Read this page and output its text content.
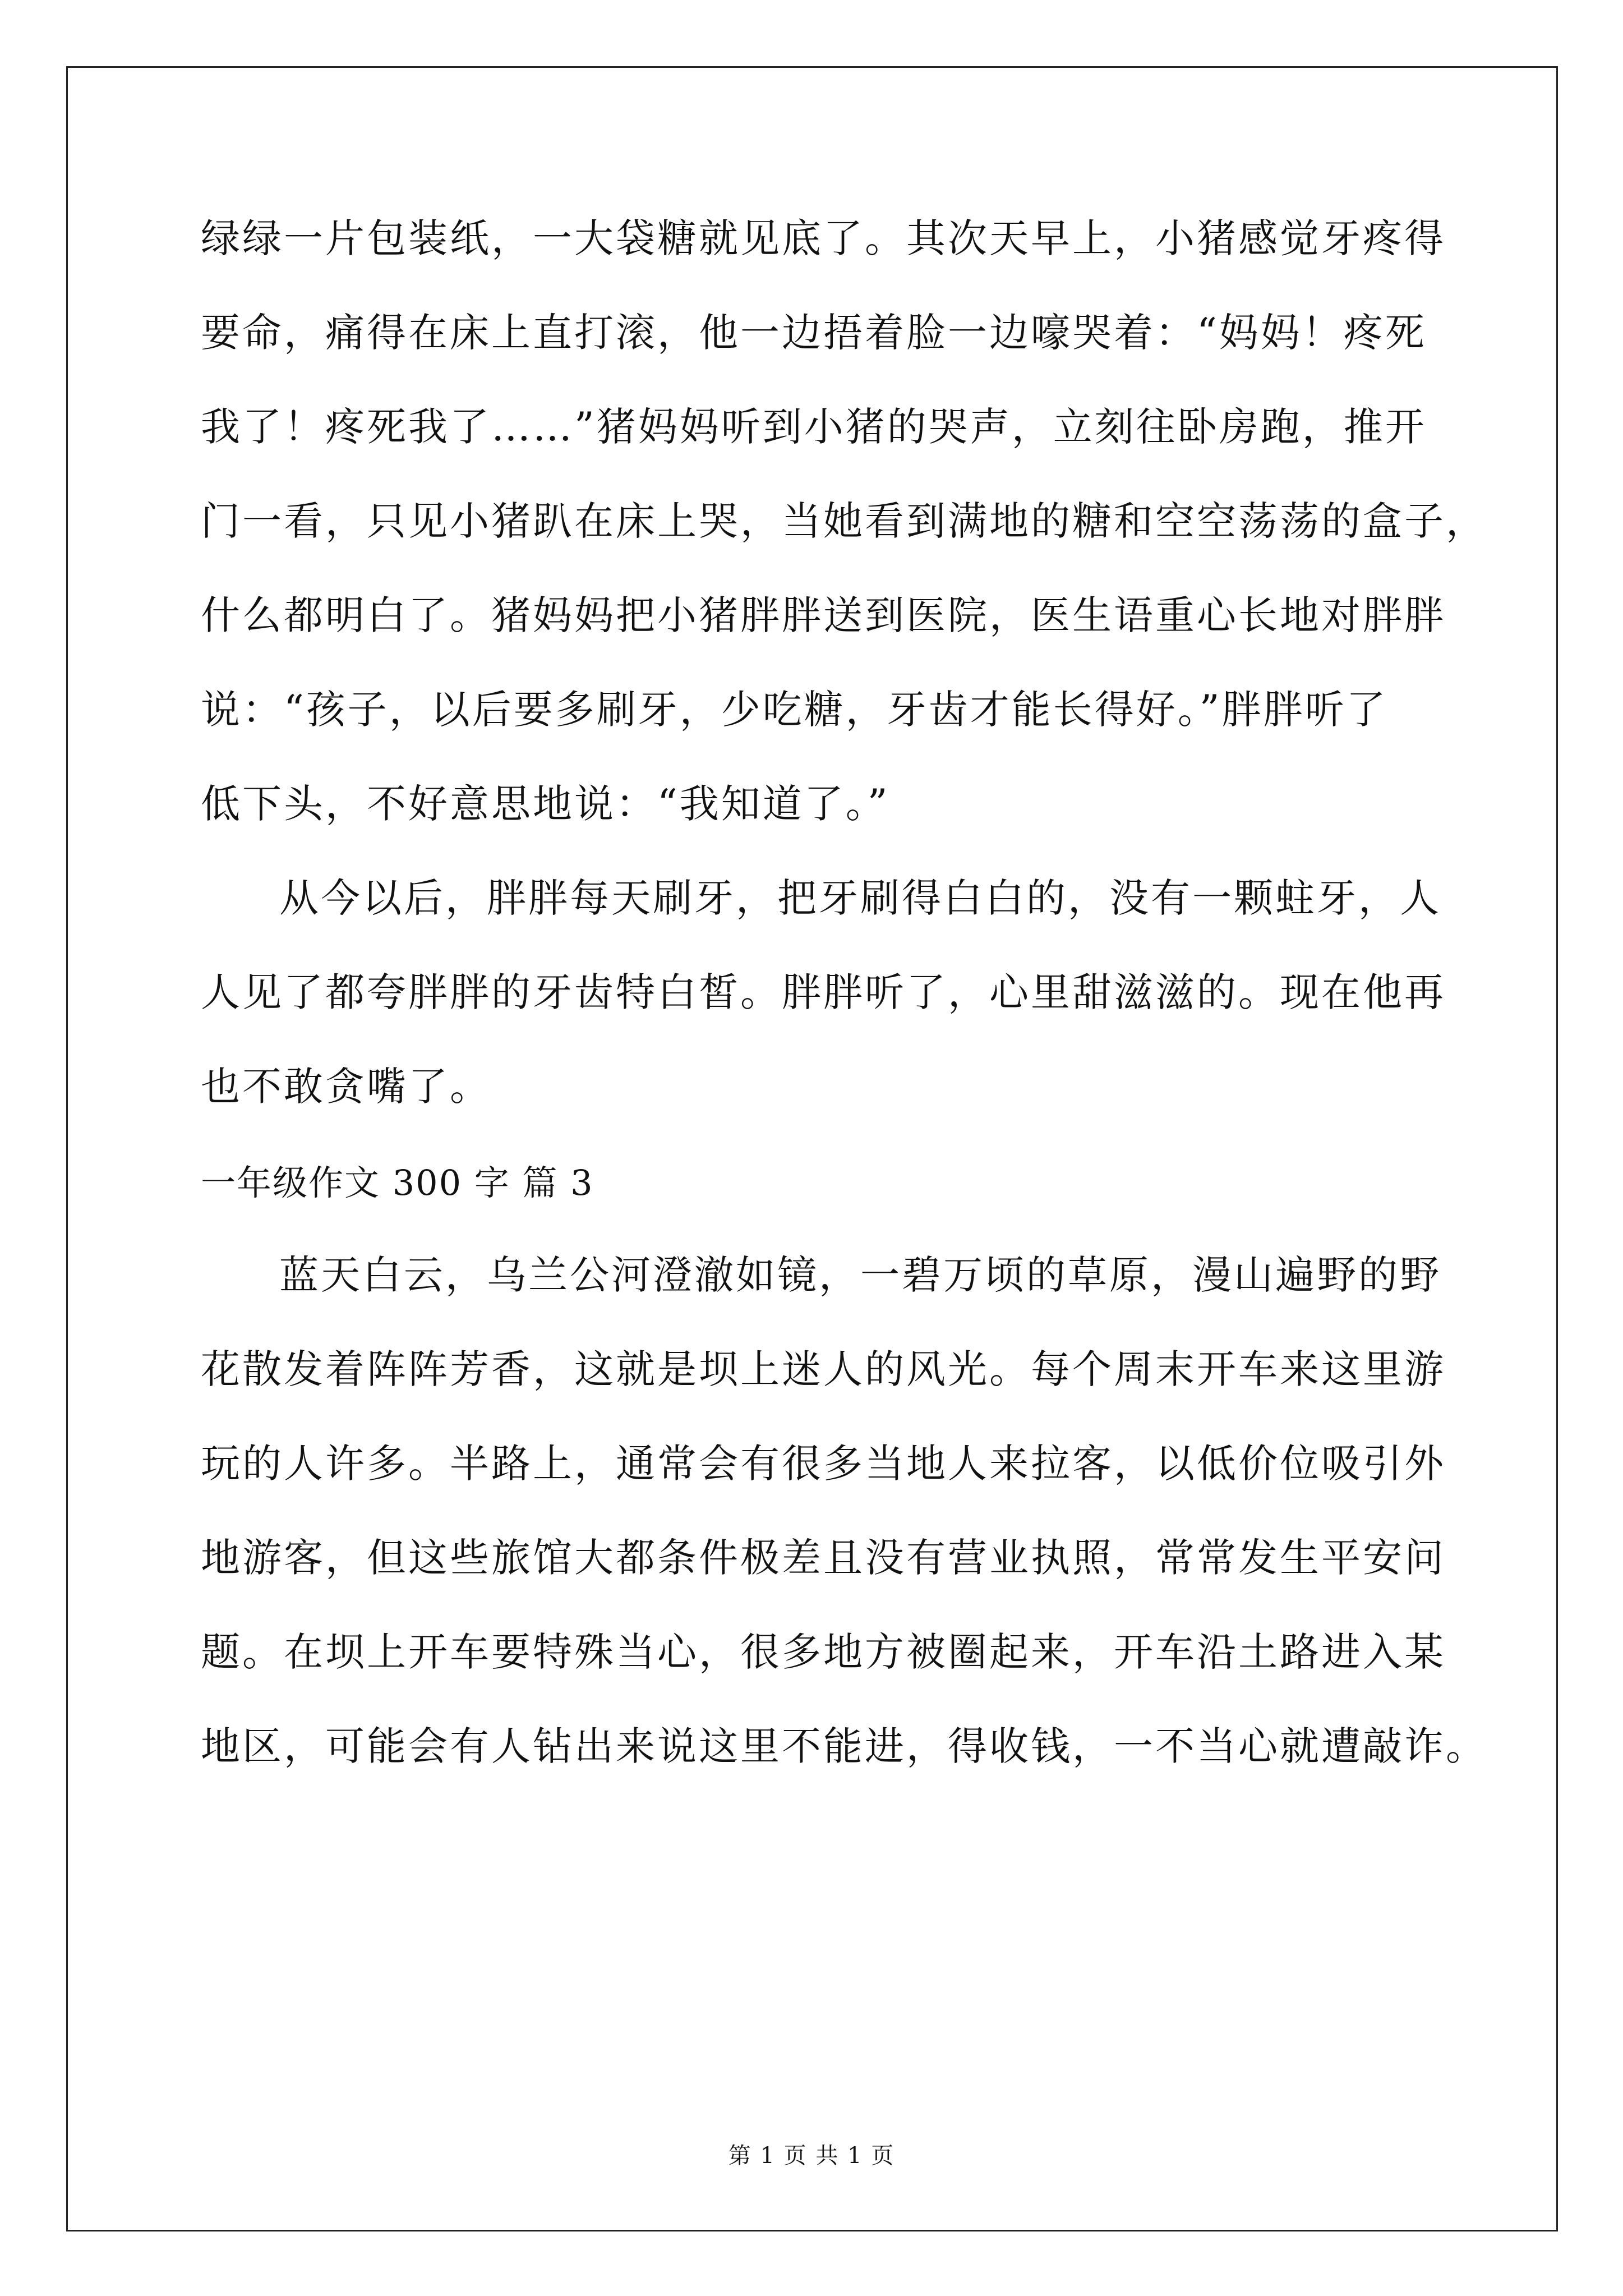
绿绿一片包装纸，一大袋糖就见底了。其次天早上，小猪感觉牙疼得
要命，痛得在床上直打滚，他一边捂着脸一边嚎哭着：“妈妈！疼死
我了！疼死我了……”猪妈妈听到小猪的哭声，立刻往卧房跑，推开
门一看，只见小猪趴在床上哭，当她看到满地的糖和空空荡荡的盒子，
什么都明白了。猪妈妈把小猪胖胖送到医院，医生语重心长地对胖胖
说：“孩子，以后要多刷牙，少吃糖，牙齿才能长得好。”胖胖听了
低下头，不好意思地说：“我知道了。”
从今以后，胖胖每天刷牙，把牙刷得白白的，没有一颗蛀牙，人
人见了都夸胖胖的牙齿特白皙。胖胖听了，心里甜滋滋的。现在他再
也不敢贪嘴了。
一年级作文 300 字 篇 3
蓝天白云，乌兰公河澄澈如镜，一碧万顷的草原，漫山遍野的野
花散发着阵阵芳香，这就是坝上迷人的风光。每个周末开车来这里游
玩的人许多。半路上，通常会有很多当地人来拉客，以低价位吸引外
地游客，但这些旅馆大都条件极差且没有营业执照，常常发生平安问
题。在坝上开车要特殊当心，很多地方被圈起来，开车沿土路进入某
地区，可能会有人钻出来说这里不能进，得收钱，一不当心就遭敲诈。
第 1 页 共 1 页
